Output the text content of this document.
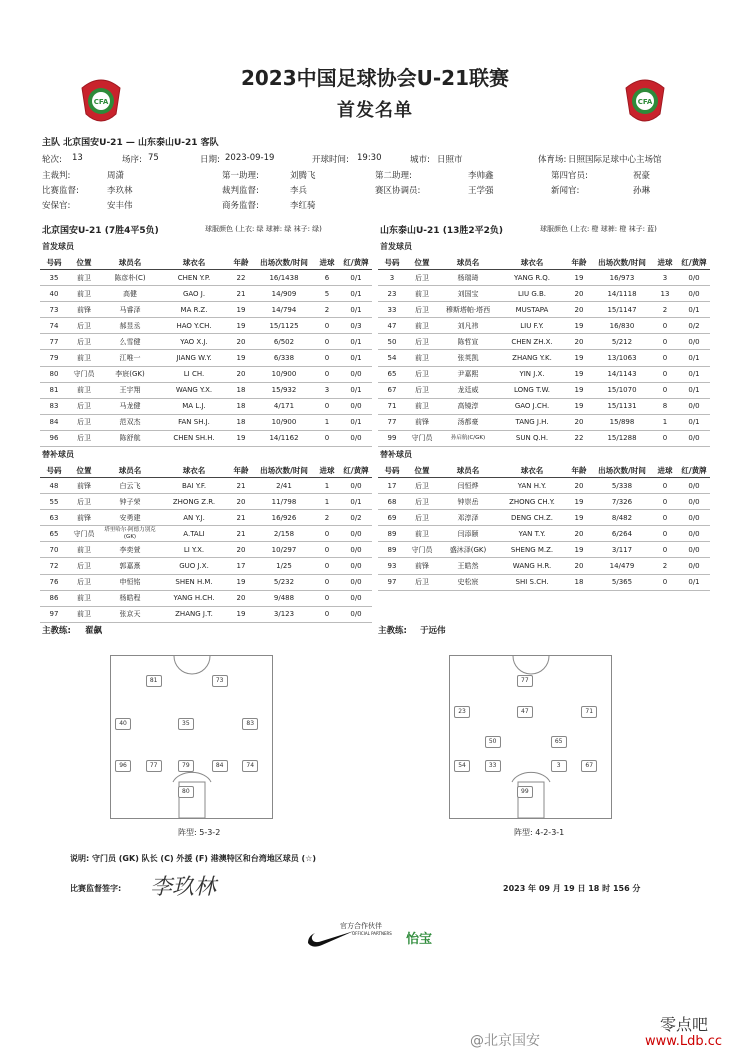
CFA	CFA
2023中国足球协会U-21联赛
首发名单
主队 北京国安U-21 — 山东泰山U-21 客队
轮次: 13	场序: 75	日期: 2023-09-19	开球时间: 19:30	城市: 日照市	体育场: 日照国际足球中心主场馆
主裁判:	周潇	第一助理:	刘腾飞	第二助理:	李帅鑫	第四官员:	祝豪
比赛监督:	李玖林	裁判监督:	李兵	赛区协调员:	王学强	新闻官:	孙琳
安保官:	安丰伟	商务监督:	李红骑
北京国安U-21 (7胜4平5负)	球服颜色 (上衣: 绿 球裤: 绿 袜子: 绿)	山东泰山U-21 (13胜2平2负)	球服颜色 (上衣: 橙 球裤: 橙 袜子: 蓝)
首发球员	首发球员
号码	位置	球员名	球衣名	年龄	出场次数/时间	进球	红/黄牌
35	前卫	陈彦朴(C)	CHEN Y.P.	22	16/1438	6	0/1
40	前卫	高健	GAO J.	21	14/909	5	0/1
73	前锋	马睿泽	MA R.Z.	19	14/794	2	0/1
74	后卫	郝昱丞	HAO Y.CH.	19	15/1125	0	0/3
77	后卫	么雪健	YAO X.J.	20	6/502	0	0/1
79	前卫	江唯一	JIANG W.Y.	19	6/338	0	0/1
80	守门员	李宸(GK)	LI CH.	20	10/900	0	0/0
81	前卫	王宇翔	WANG Y.X.	18	15/932	3	0/1
83	后卫	马龙健	MA L.J.	18	4/171	0	0/0
84	后卫	范双杰	FAN SH.J.	18	10/900	1	0/1
96	后卫	陈舒航	CHEN SH.H.	19	14/1162	0	0/0
号码	位置	球员名	球衣名	年龄	出场次数/时间	进球	红/黄牌
3	后卫	杨瑞琦	YANG R.Q.	19	16/973	3	0/0
23	前卫	刘国宝	LIU G.B.	20	14/1118	13	0/0
33	后卫	穆斯塔帕·塔西	MUSTAPA	20	15/1147	2	0/1
47	前卫	刘凡祎	LIU F.Y.	19	16/830	0	0/2
50	后卫	陈哲宣	CHEN ZH.X.	20	5/212	0	0/0
54	前卫	张英凯	ZHANG Y.K.	19	13/1063	0	0/1
65	后卫	尹嘉熙	YIN J.X.	19	14/1143	0	0/1
67	后卫	龙廷威	LONG T.W.	19	15/1070	0	0/1
71	前卫	高镜淳	GAO J.CH.	19	15/1131	8	0/0
77	前锋	汤都豪	TANG J.H.	20	15/898	1	0/1
99	守门员	孙启航(C/GK)	SUN Q.H.	22	15/1288	0	0/0
替补球员	替补球员
号码	位置	球员名	球衣名	年龄	出场次数/时间	进球	红/黄牌
48	前锋	白云飞	BAI Y.F.	21	2/41	1	0/0
55	后卫	钟子荣	ZHONG Z.R.	20	11/798	1	0/1
63	前锋	安勇建	AN Y.J.	21	16/926	2	0/2
65	守门员	塔里哈尔·阿德力别克(GK)	A.TALI	21	2/158	0	0/0
70	前卫	李奕萱	LI Y.X.	20	10/297	0	0/0
72	后卫	郭嘉熹	GUO J.X.	17	1/25	0	0/0
76	后卫	申恒铭	SHEN H.M.	19	5/232	0	0/0
86	前卫	杨皓程	YANG H.CH.	20	9/488	0	0/0
97	前卫	张京天	ZHANG J.T.	19	3/123	0	0/0
号码	位置	球员名	球衣名	年龄	出场次数/时间	进球	红/黄牌
17	后卫	闫恒烨	YAN H.Y.	20	5/338	0	0/0
68	后卫	钟崇岳	ZHONG CH.Y.	19	7/326	0	0/0
69	后卫	邓淳泽	DENG CH.Z.	19	8/482	0	0/0
89	前卫	闫添颐	YAN T.Y.	20	6/264	0	0/0
89	守门员	盛沐泽(GK)	SHENG M.Z.	19	3/117	0	0/0
93	前锋	王皓然	WANG H.R.	20	14/479	2	0/0
97	后卫	史松宸	SHI S.CH.	18	5/365	0	0/1
主教练: 翟飙	主教练: 于远伟
81	73
40	35	83
96	77	79	84	74
80
阵型: 5-3-2
77
23	47	71
50	65
54	33	3	67
99
阵型: 4-2-3-1
说明: 守门员 (GK) 队长 (C) 外援 (F) 港澳特区和台湾地区球员 (☆)
比赛监督签字: 李玖林	2023 年 09 月 19 日 18 时 156 分
官方合作伙伴
OFFICIAL PARTNERS 怡宝
@北京国安
零点吧
www.Ldb.cc
